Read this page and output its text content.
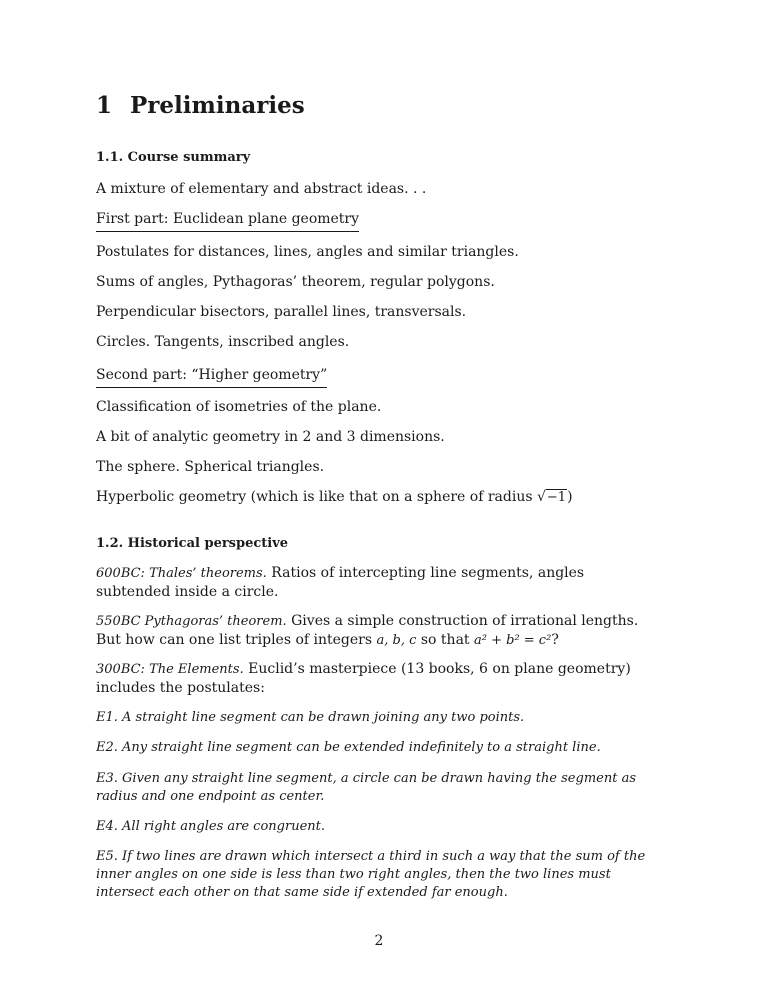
1 Preliminaries
1.1. Course summary
A mixture of elementary and abstract ideas. . .
First part: Euclidean plane geometry
Postulates for distances, lines, angles and similar triangles.
Sums of angles, Pythagoras’ theorem, regular polygons.
Perpendicular bisectors, parallel lines, transversals.
Circles. Tangents, inscribed angles.
Second part: “Higher geometry”
Classification of isometries of the plane.
A bit of analytic geometry in 2 and 3 dimensions.
The sphere. Spherical triangles.
Hyperbolic geometry (which is like that on a sphere of radius √−1)
1.2. Historical perspective
600BC: Thales’ theorems. Ratios of intercepting line segments, angles subtended inside a circle.
550BC Pythagoras’ theorem. Gives a simple construction of irrational lengths. But how can one list triples of integers a, b, c so that a² + b² = c²?
300BC: The Elements. Euclid’s masterpiece (13 books, 6 on plane geometry) includes the postulates:
E1. A straight line segment can be drawn joining any two points.
E2. Any straight line segment can be extended indefinitely to a straight line.
E3. Given any straight line segment, a circle can be drawn having the segment as radius and one endpoint as center.
E4. All right angles are congruent.
E5. If two lines are drawn which intersect a third in such a way that the sum of the inner angles on one side is less than two right angles, then the two lines must intersect each other on that same side if extended far enough.
2
